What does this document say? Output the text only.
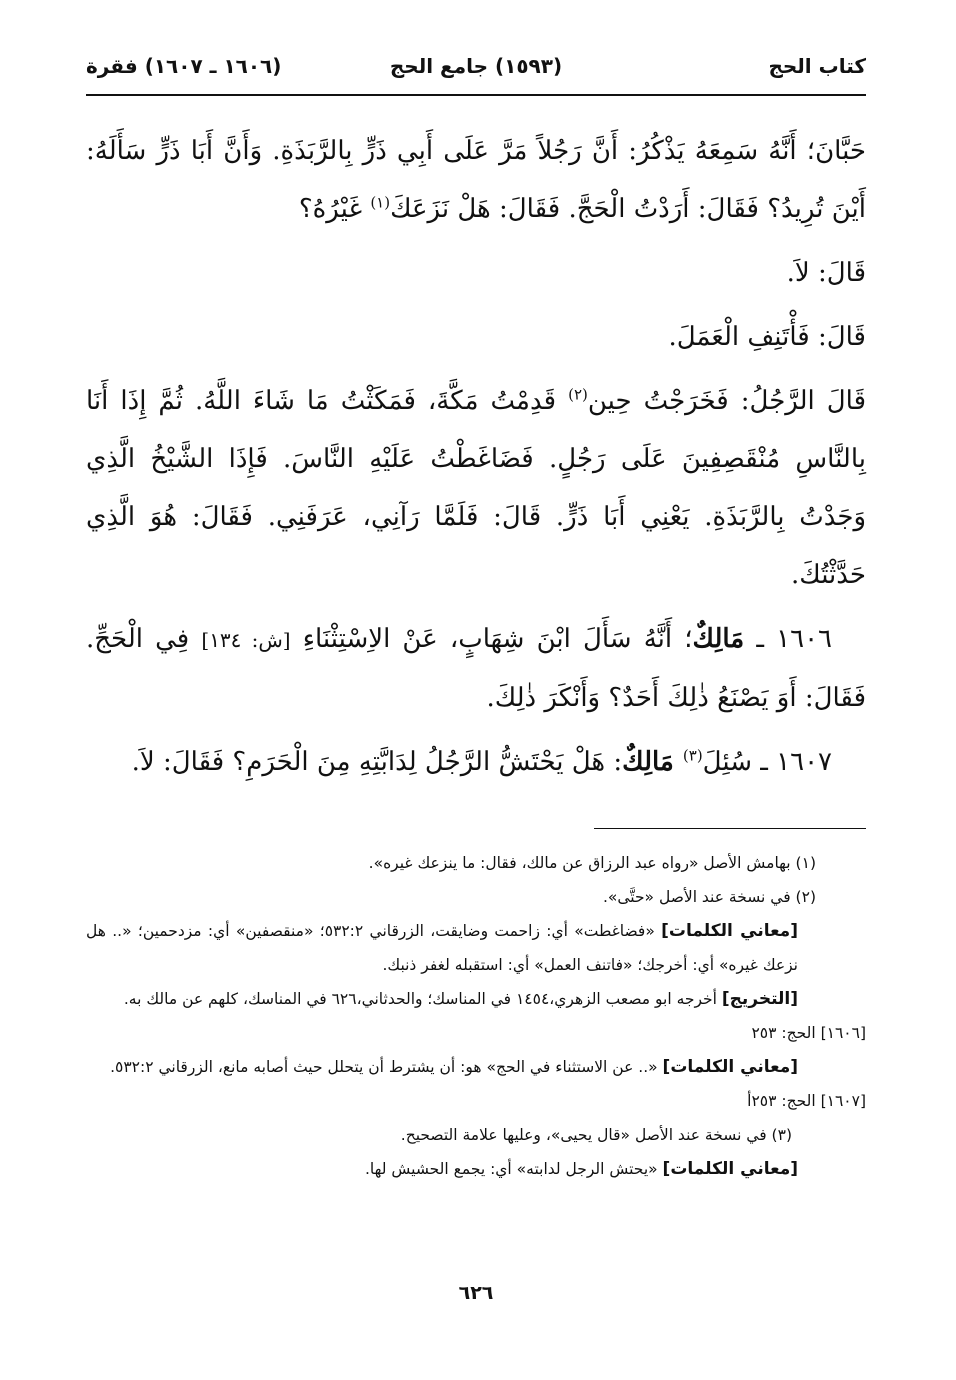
كتاب الحج
(١٥٩٣) جامع الحج
(١٦٠٦ ـ ١٦٠٧) فقرة

حَبَّانَ؛ أَنَّهُ سَمِعَهُ يَذْكُرُ: أَنَّ رَجُلاً مَرَّ عَلَى أَبِي ذَرٍّ بِالرَّبَذَةِ. وَأَنَّ أَبَا ذَرٍّ سَأَلَهُ: أَيْنَ تُرِيدُ؟ فَقَالَ: أَرَدْتُ الْحَجَّ. فَقَالَ: هَلْ نَزَعَكَ$^{(١)}$ غَيْرُهُ؟

قَالَ: لاَ.

قَالَ: فَأْتَنِفِ الْعَمَلَ.

قَالَ الرَّجُلُ: فَخَرَجْتُ حِين$^{(٢)}$ قَدِمْتُ مَكَّةَ، فَمَكَثْتُ مَا شَاءَ اللَّهُ. ثُمَّ إِذَا أَنَا بِالنَّاسِ مُنْقَصِفِينَ عَلَى رَجُلٍ. فَضَاغَطْتُ عَلَيْهِ النَّاسَ. فَإِذَا الشَّيْخُ الَّذِي وَجَدْتُ بِالرَّبَذَةِ. يَعْنِي أَبَا ذَرٍّ. قَالَ: فَلَمَّا رَآنِي، عَرَفَنِي. فَقَالَ: هُوَ الَّذِي حَدَّثْتُكَ.

١٦٠٦ ـ مَالِكٌ؛ أَنَّهُ سَأَلَ ابْنَ شِهَابٍ، عَنْ الاِسْتِثْنَاءِ [ش: ١٣٤] فِي الْحَجِّ. فَقَالَ: أَوَ يَصْنَعُ ذٰلِكَ أَحَدٌ؟ وَأَنْكَرَ ذٰلِكَ.

١٦٠٧ ـ سُئِلَ$^{(٣)}$ مَالِكٌ: هَلْ يَحْتَشُّ الرَّجُلُ لِدَابَّتِهِ مِنَ الْحَرَمِ؟ فَقَالَ: لاَ.

(١) بهامش الأصل «رواه عبد الرزاق عن مالك، فقال: ما ينزعك غيره».

(٢) في نسخة عند الأصل «حتَّى».

[معاني الكلمات] «فضاغطت» أي: زاحمت وضايقت، الزرقاني ٥٣٢:٢؛ «منقصفين» أي: مزدحمين؛ «.. هل نزعك غيره» أي: أخرجك؛ «فاتنف العمل» أي: استقبله لغفر ذنبك.

[التخريج] أخرجه ابو مصعب الزهري،١٤٥٤ في المناسك؛ والحدثاني،٦٢٦ في المناسك، كلهم عن مالك به.

[١٦٠٦] الحج: ٢٥٣

[معاني الكلمات] «.. عن الاستثناء في الحج» هو: أن يشترط أن يتحلل حيث أصابه مانع، الزرقاني ٥٣٢:٢.

[١٦٠٧] الحج: ٢٥٣أ

(٣) في نسخة عند الأصل «قال يحيى»، وعليها علامة التصحيح.

[معاني الكلمات] «يحتش الرجل لدابته» أي: يجمع الحشيش لها.

٦٢٦
